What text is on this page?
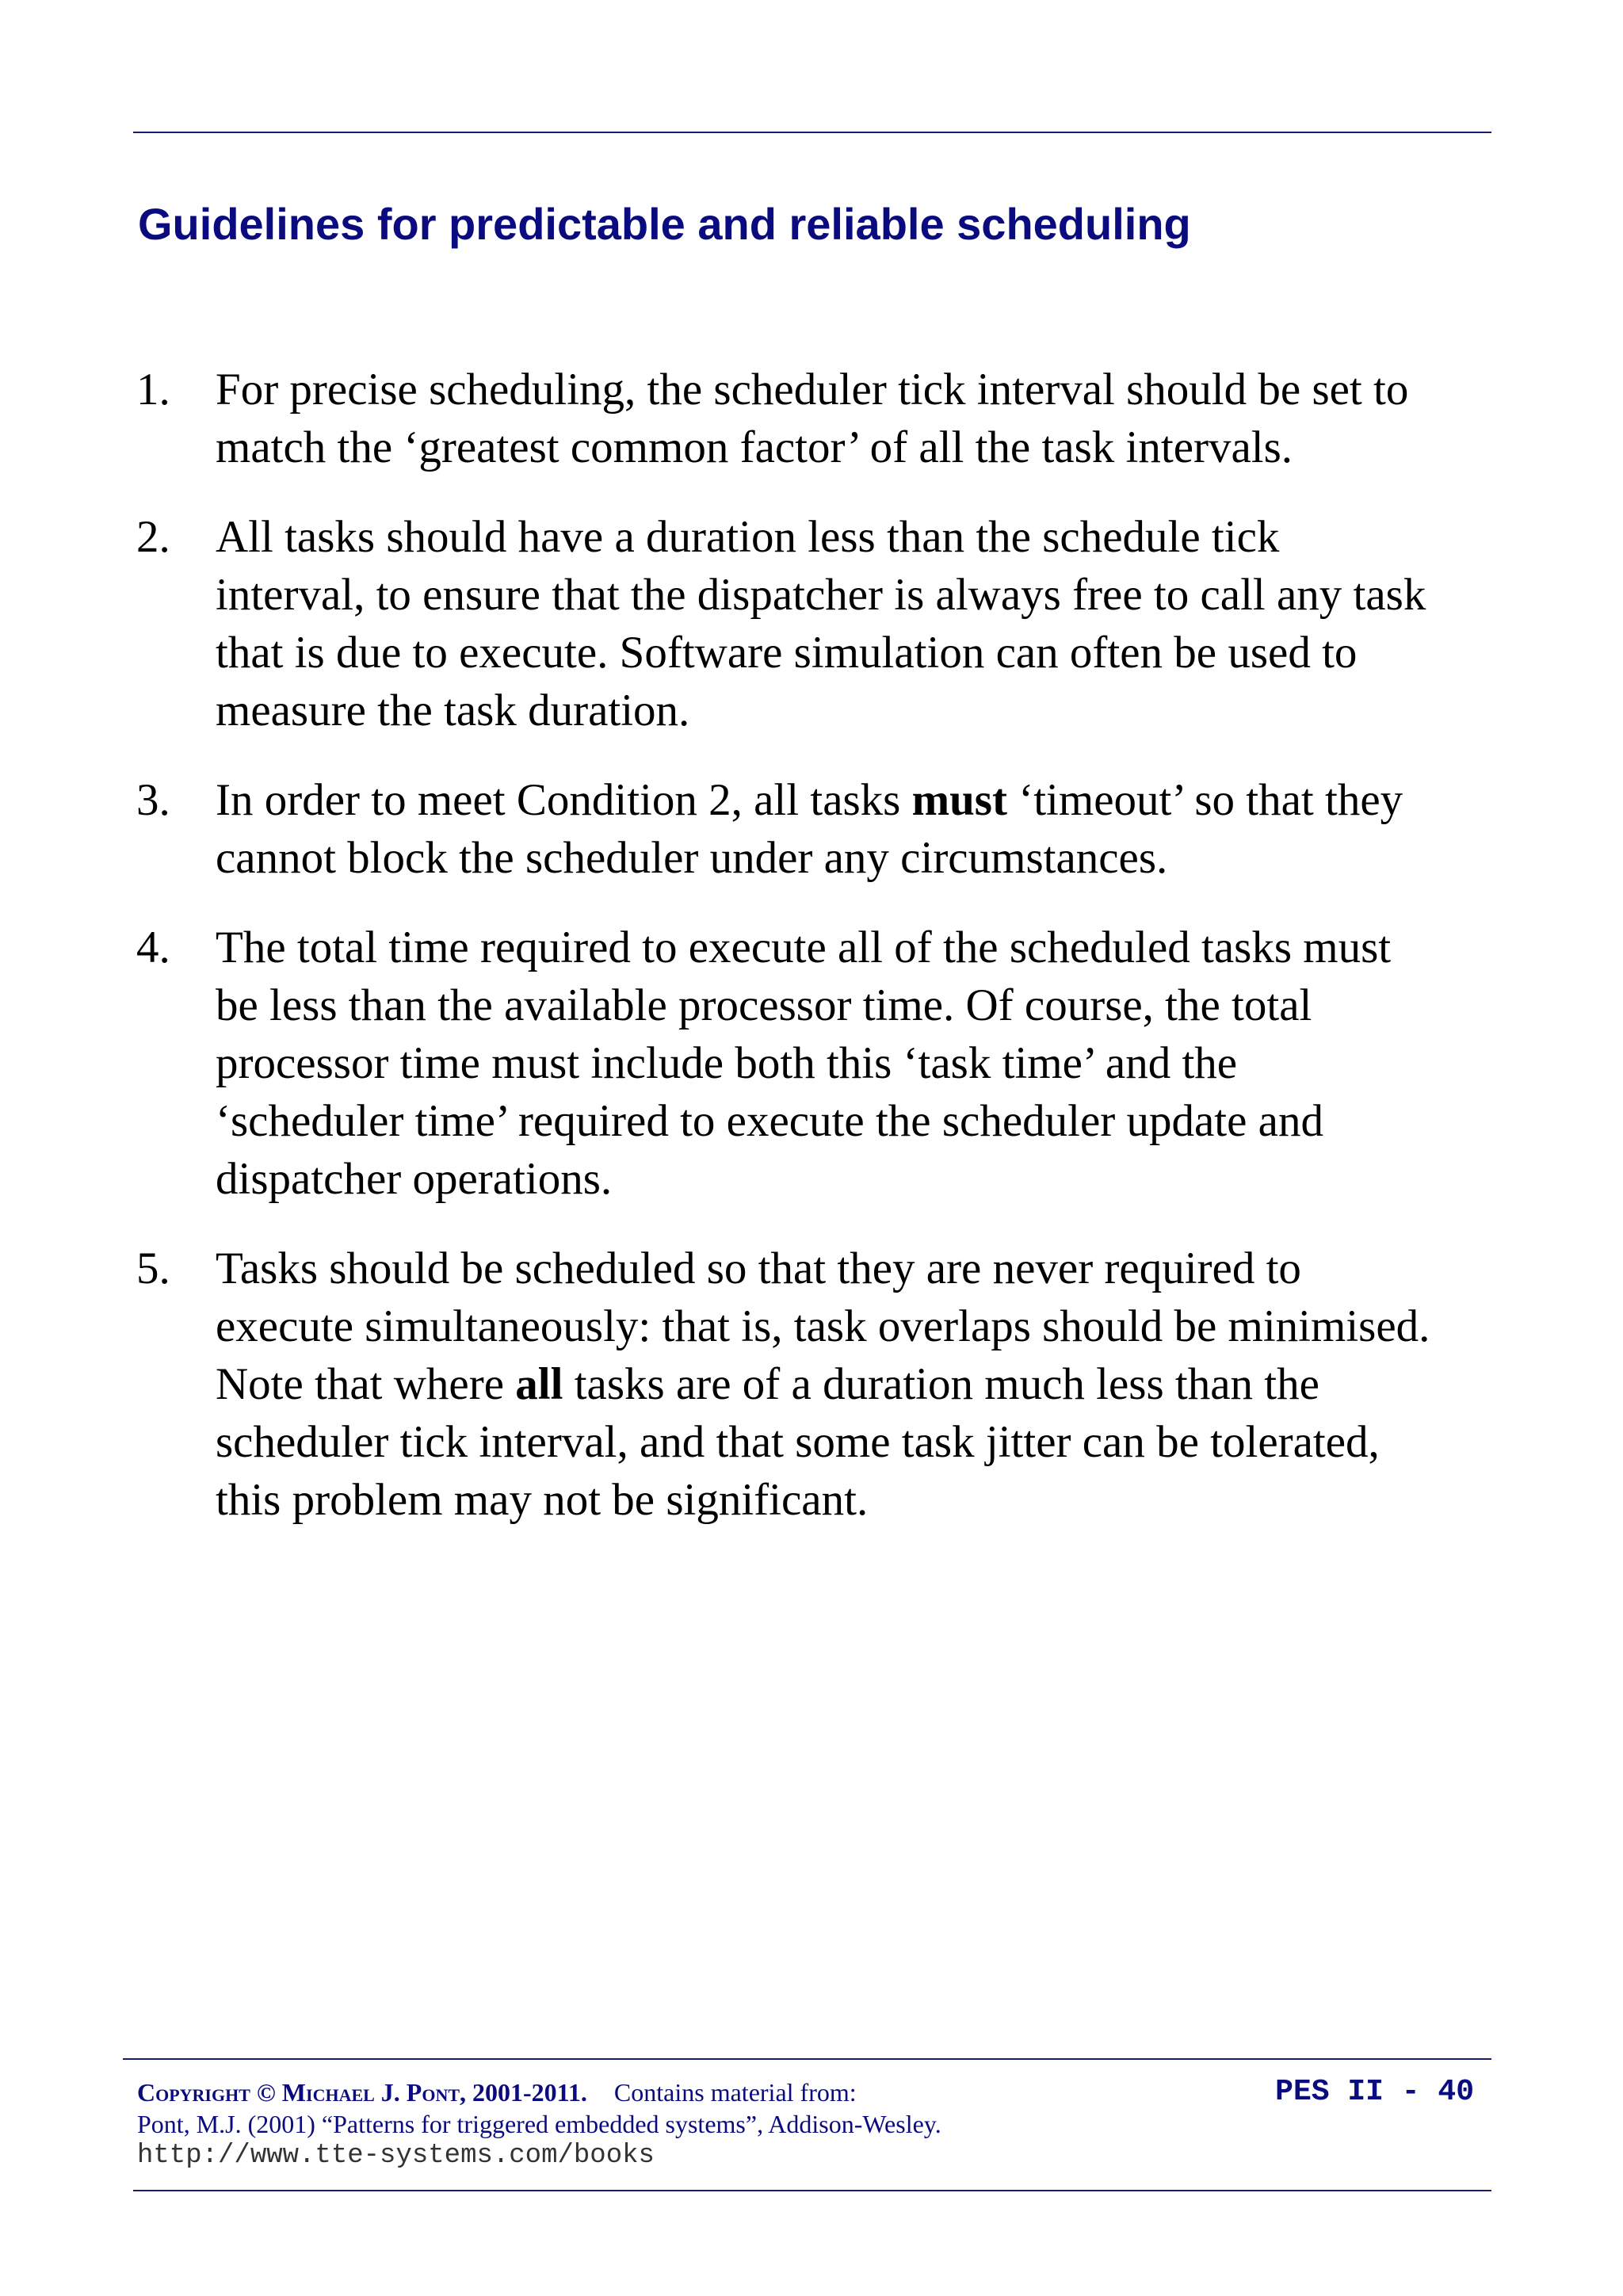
Guidelines for predictable and reliable scheduling
1.	For precise scheduling, the scheduler tick interval should be set to match the ‘greatest common factor’ of all the task intervals.
2.	All tasks should have a duration less than the schedule tick interval, to ensure that the dispatcher is always free to call any task that is due to execute. Software simulation can often be used to measure the task duration.
3.	In order to meet Condition 2, all tasks must ‘timeout’ so that they cannot block the scheduler under any circumstances.
4.	The total time required to execute all of the scheduled tasks must be less than the available processor time. Of course, the total processor time must include both this ‘task time’ and the ‘scheduler time’ required to execute the scheduler update and dispatcher operations.
5.	Tasks should be scheduled so that they are never required to execute simultaneously: that is, task overlaps should be minimised. Note that where all tasks are of a duration much less than the scheduler tick interval, and that some task jitter can be tolerated, this problem may not be significant.
Copyright © Michael J. Pont, 2001-2011. Contains material from:
Pont, M.J. (2001) “Patterns for triggered embedded systems”, Addison-Wesley.
http://www.tte-systems.com/books
PES II - 40
